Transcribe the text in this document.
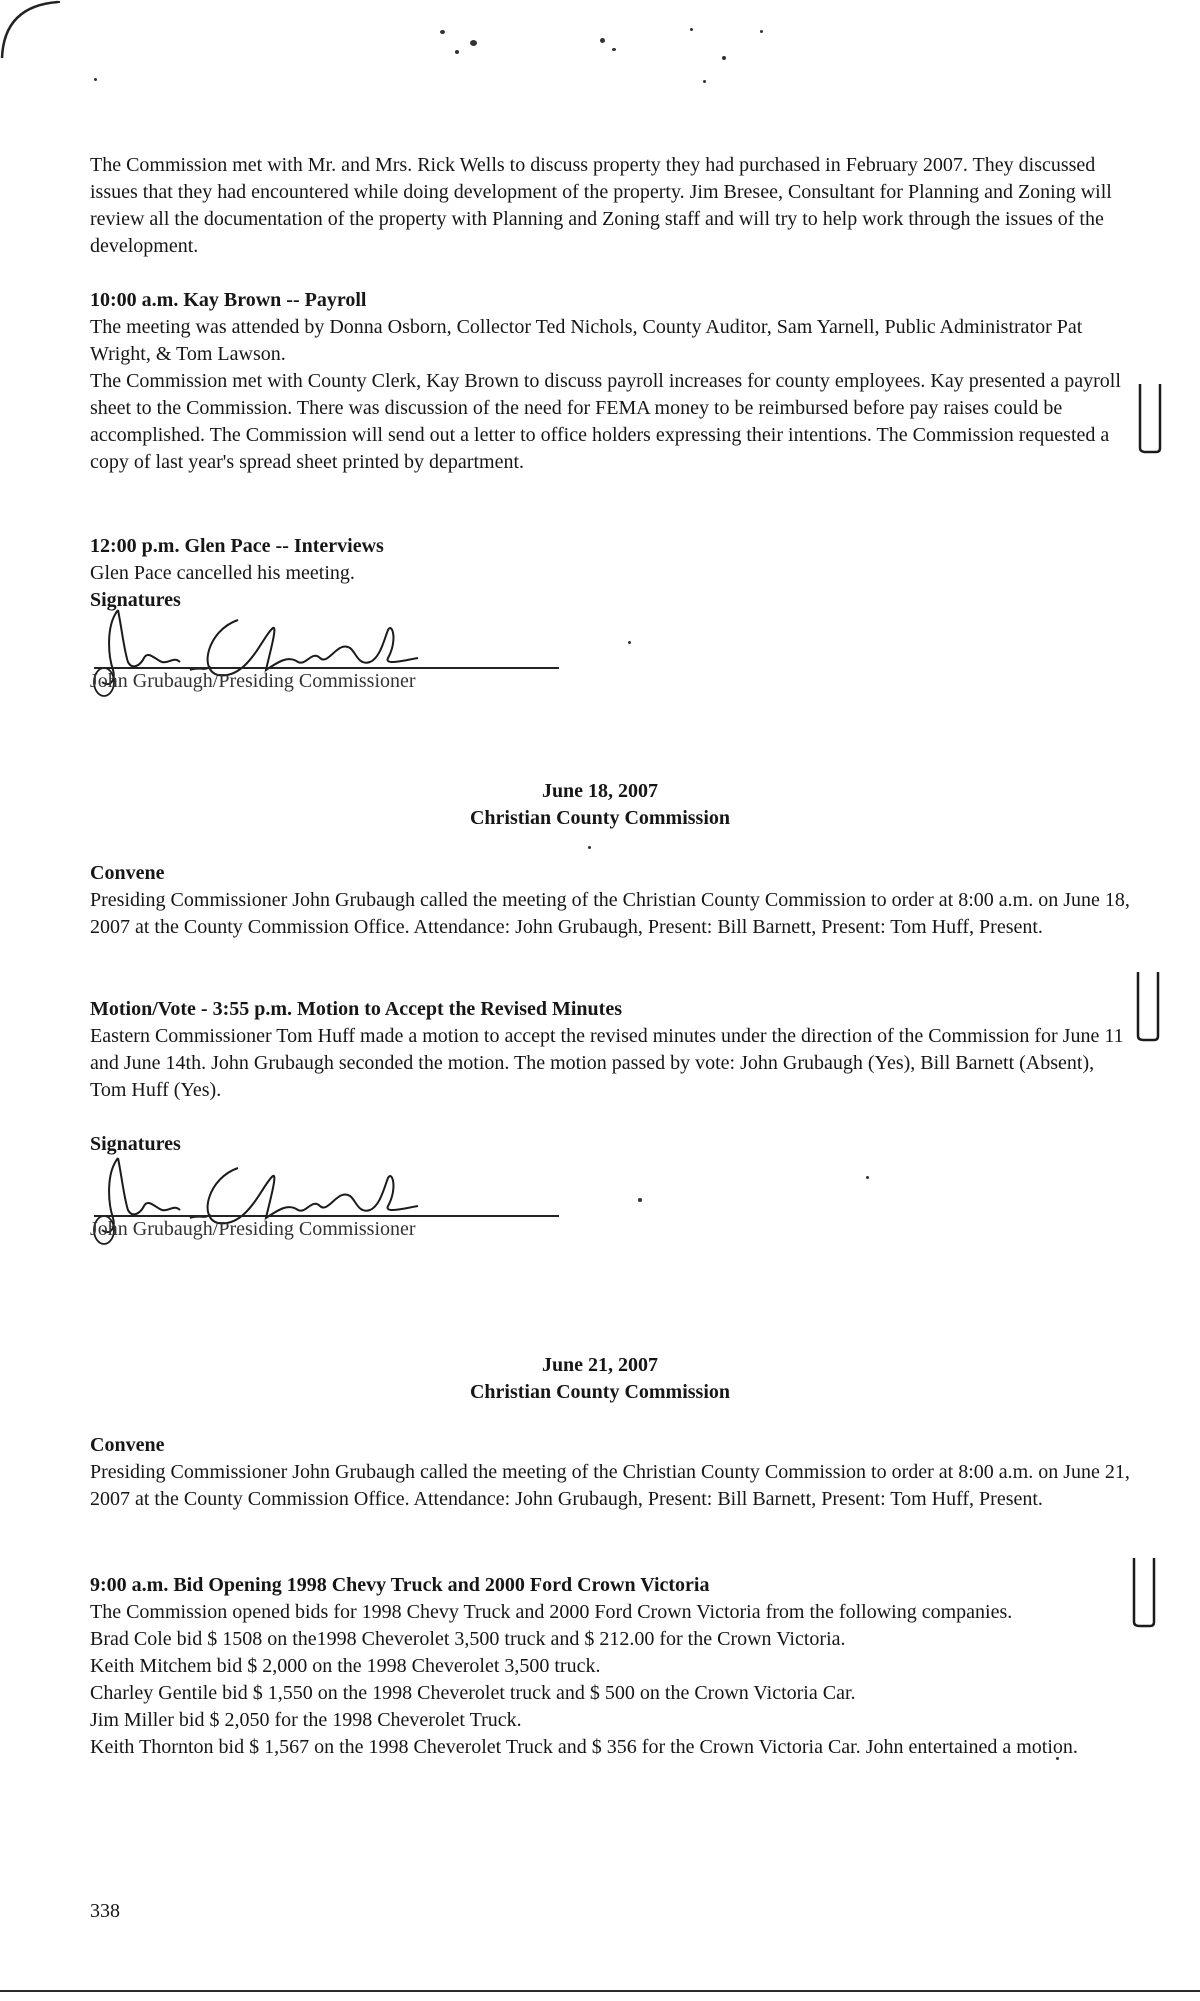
The Commission met with Mr. and Mrs. Rick Wells to discuss property they had purchased in February 2007. They discussed issues that they had encountered while doing development of the property. Jim Bresee, Consultant for Planning and Zoning will review all the documentation of the property with Planning and Zoning staff and will try to help work through the issues of the development.

10:00 a.m. Kay Brown -- Payroll

The meeting was attended by Donna Osborn, Collector Ted Nichols, County Auditor, Sam Yarnell, Public Administrator Pat Wright, & Tom Lawson.

The Commission met with County Clerk, Kay Brown to discuss payroll increases for county employees. Kay presented a payroll sheet to the Commission. There was discussion of the need for FEMA money to be reimbursed before pay raises could be accomplished. The Commission will send out a letter to office holders expressing their intentions. The Commission requested a copy of last year's spread sheet printed by department.

12:00 p.m. Glen Pace -- Interviews

Glen Pace cancelled his meeting.

Signatures

John Grubaugh/Presiding Commissioner
June 18, 2007
Christian County Commission

Convene

Presiding Commissioner John Grubaugh called the meeting of the Christian County Commission to order at 8:00 a.m. on June 18, 2007 at the County Commission Office. Attendance: John Grubaugh, Present: Bill Barnett, Present: Tom Huff, Present.

Motion/Vote - 3:55 p.m. Motion to Accept the Revised Minutes

Eastern Commissioner Tom Huff made a motion to accept the revised minutes under the direction of the Commission for June 11 and June 14th. John Grubaugh seconded the motion. The motion passed by vote: John Grubaugh (Yes), Bill Barnett (Absent), Tom Huff (Yes).

Signatures

John Grubaugh/Presiding Commissioner
June 21, 2007
Christian County Commission

Convene

Presiding Commissioner John Grubaugh called the meeting of the Christian County Commission to order at 8:00 a.m. on June 21, 2007 at the County Commission Office. Attendance: John Grubaugh, Present: Bill Barnett, Present: Tom Huff, Present.

9:00 a.m. Bid Opening 1998 Chevy Truck and 2000 Ford Crown Victoria

The Commission opened bids for 1998 Chevy Truck and 2000 Ford Crown Victoria from the following companies.

Brad Cole bid $ 1508 on the1998 Cheverolet 3,500 truck and $ 212.00 for the Crown Victoria.

Keith Mitchem bid $ 2,000 on the 1998 Cheverolet 3,500 truck.

Charley Gentile bid $ 1,550 on the 1998 Cheverolet truck and $ 500 on the Crown Victoria Car.

Jim Miller bid $ 2,050 for the 1998 Cheverolet Truck.

Keith Thornton bid $ 1,567 on the 1998 Cheverolet Truck and $ 356 for the Crown Victoria Car. John entertained a motion.

338
